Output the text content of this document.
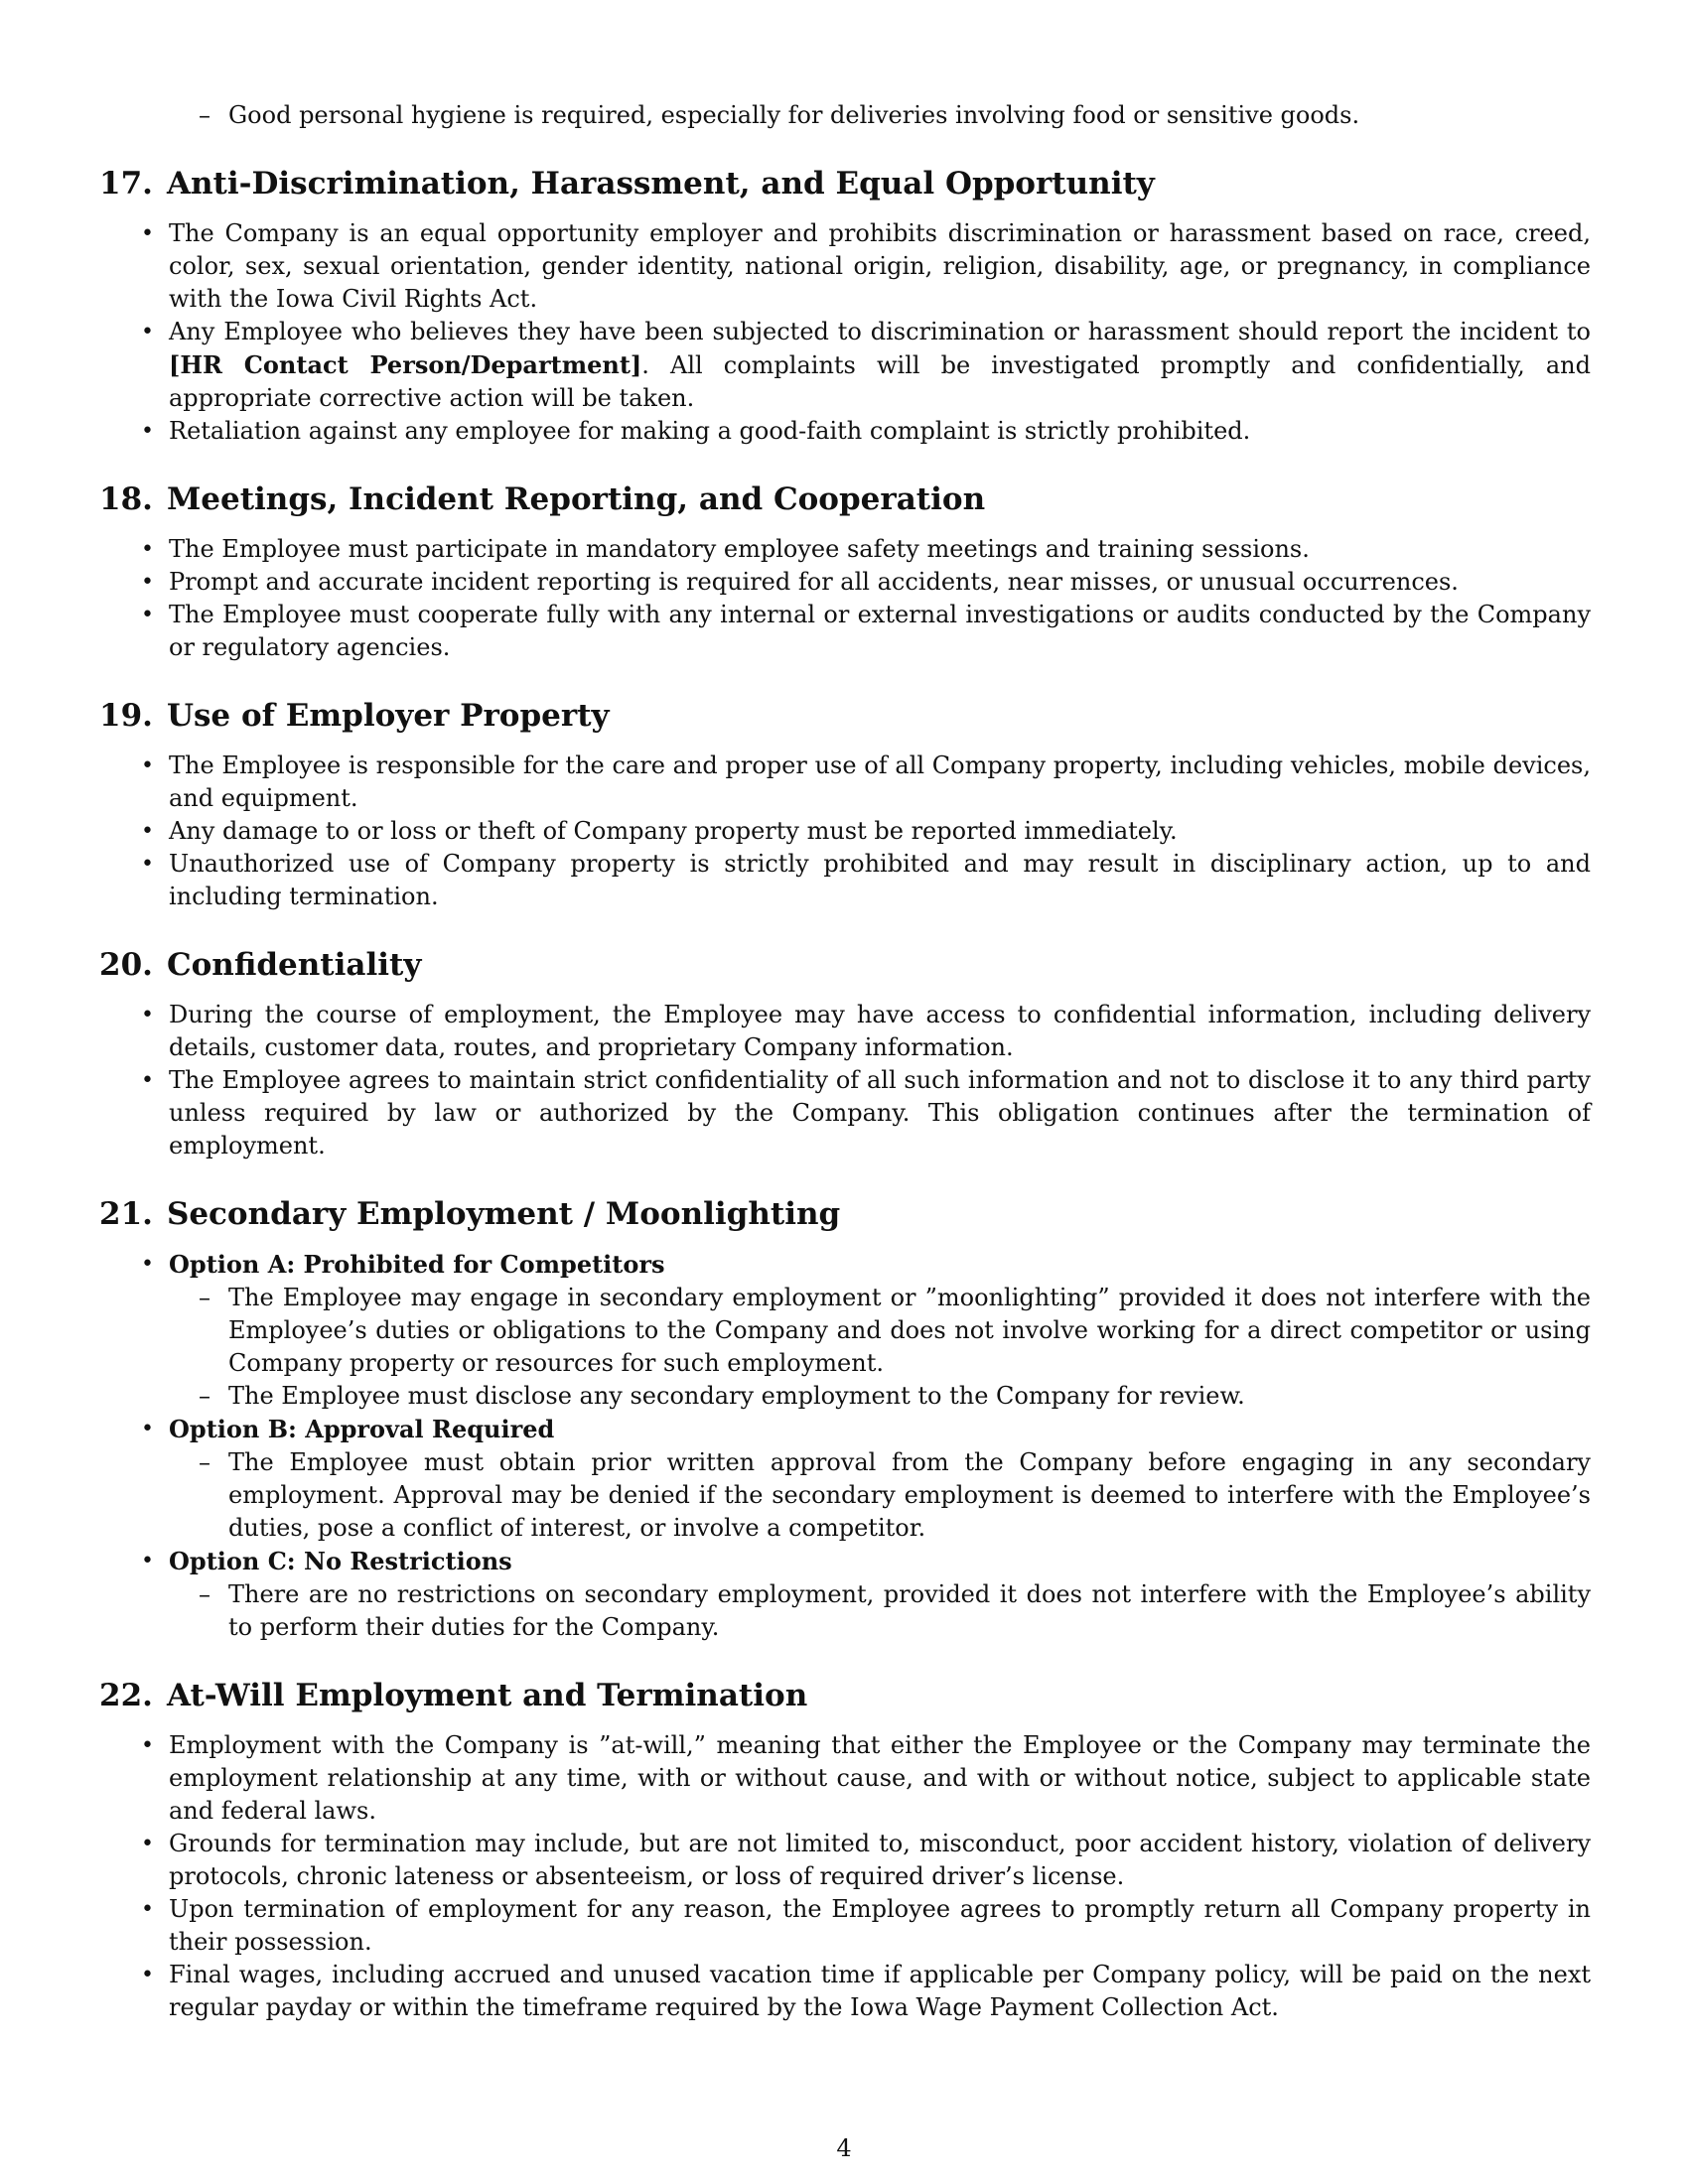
– Good personal hygiene is required, especially for deliveries involving food or sensitive goods.
17. Anti-Discrimination, Harassment, and Equal Opportunity
• The Company is an equal opportunity employer and prohibits discrimination or harassment based on race, creed, color, sex, sexual orientation, gender identity, national origin, religion, disability, age, or pregnancy, in compliance with the Iowa Civil Rights Act.
• Any Employee who believes they have been subjected to discrimination or harassment should report the incident to [HR Contact Person/Department]. All complaints will be investigated promptly and confidentially, and appropriate corrective action will be taken.
• Retaliation against any employee for making a good-faith complaint is strictly prohibited.
18. Meetings, Incident Reporting, and Cooperation
• The Employee must participate in mandatory employee safety meetings and training sessions.
• Prompt and accurate incident reporting is required for all accidents, near misses, or unusual occurrences.
• The Employee must cooperate fully with any internal or external investigations or audits conducted by the Company or regulatory agencies.
19. Use of Employer Property
• The Employee is responsible for the care and proper use of all Company property, including vehicles, mobile devices, and equipment.
• Any damage to or loss or theft of Company property must be reported immediately.
• Unauthorized use of Company property is strictly prohibited and may result in disciplinary action, up to and including termination.
20. Confidentiality
• During the course of employment, the Employee may have access to confidential information, including delivery details, customer data, routes, and proprietary Company information.
• The Employee agrees to maintain strict confidentiality of all such information and not to disclose it to any third party unless required by law or authorized by the Company. This obligation continues after the termination of employment.
21. Secondary Employment / Moonlighting
• Option A: Prohibited for Competitors
– The Employee may engage in secondary employment or ”moonlighting” provided it does not interfere with the Employee’s duties or obligations to the Company and does not involve working for a direct competitor or using Company property or resources for such employment.
– The Employee must disclose any secondary employment to the Company for review.
• Option B: Approval Required
– The Employee must obtain prior written approval from the Company before engaging in any secondary employment. Approval may be denied if the secondary employment is deemed to interfere with the Employee’s duties, pose a conflict of interest, or involve a competitor.
• Option C: No Restrictions
– There are no restrictions on secondary employment, provided it does not interfere with the Employee’s ability to perform their duties for the Company.
22. At-Will Employment and Termination
• Employment with the Company is ”at-will,” meaning that either the Employee or the Company may terminate the employment relationship at any time, with or without cause, and with or without notice, subject to applicable state and federal laws.
• Grounds for termination may include, but are not limited to, misconduct, poor accident history, violation of delivery protocols, chronic lateness or absenteeism, or loss of required driver’s license.
• Upon termination of employment for any reason, the Employee agrees to promptly return all Company property in their possession.
• Final wages, including accrued and unused vacation time if applicable per Company policy, will be paid on the next regular payday or within the timeframe required by the Iowa Wage Payment Collection Act.
4
